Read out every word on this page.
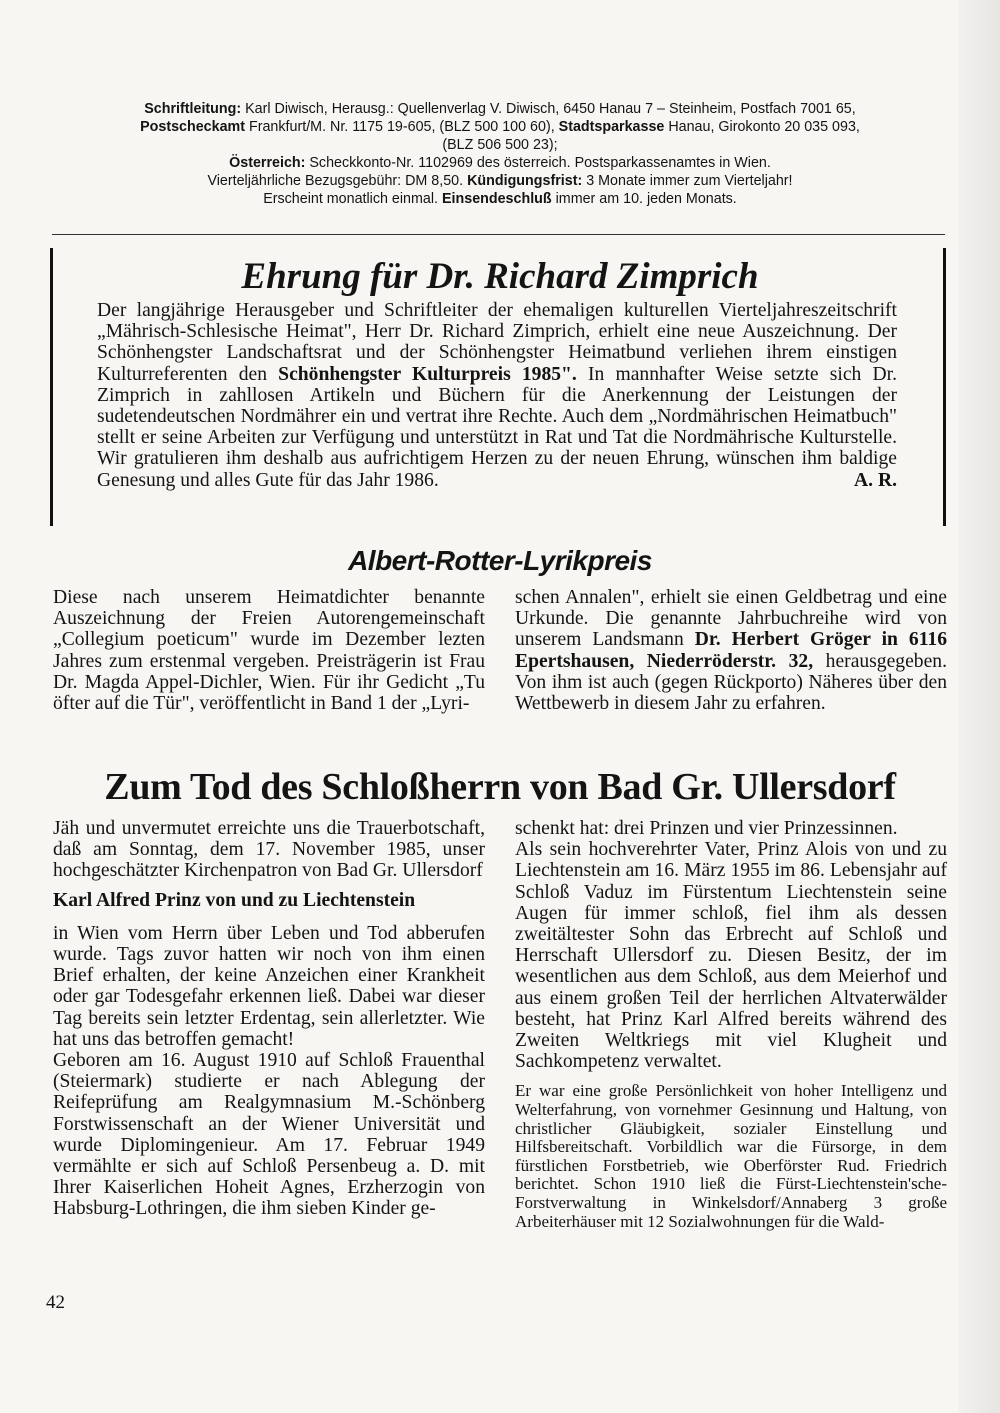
Schriftleitung: Karl Diwisch, Herausg.: Quellenverlag V. Diwisch, 6450 Hanau 7 – Steinheim, Postfach 7001 65,
Postscheckamt Frankfurt/M. Nr. 1175 19-605, (BLZ 500 100 60), Stadtsparkasse Hanau, Girokonto 20 035 093,
(BLZ 506 500 23);
Österreich: Scheckkonto-Nr. 1102969 des österreich. Postsparkassenamtes in Wien.
Vierteljährliche Bezugsgebühr: DM 8,50. Kündigungsfrist: 3 Monate immer zum Vierteljahr!
Erscheint monatlich einmal. Einsendeschluß immer am 10. jeden Monats.
Ehrung für Dr. Richard Zimprich

Der langjährige Herausgeber und Schriftleiter der ehemaligen kulturellen Vierteljahreszeitschrift „Mährisch-Schlesische Heimat", Herr Dr. Richard Zimprich, erhielt eine neue Auszeichnung. Der Schönhengster Landschaftsrat und der Schönhengster Heimatbund verliehen ihrem einstigen Kulturreferenten den Schönhengster Kulturpreis 1985". In mannhafter Weise setzte sich Dr. Zimprich in zahllosen Artikeln und Büchern für die Anerkennung der Leistungen der sudetendeutschen Nordmährer ein und vertrat ihre Rechte. Auch dem „Nordmährischen Heimatbuch" stellt er seine Arbeiten zur Verfügung und unterstützt in Rat und Tat die Nordmährische Kulturstelle. Wir gratulieren ihm deshalb aus aufrichtigem Herzen zu der neuen Ehrung, wünschen ihm baldige Genesung und alles Gute für das Jahr 1986.	A. R.

Albert-Rotter-Lyrikpreis

Diese nach unserem Heimatdichter benannte Auszeichnung der Freien Autorengemeinschaft „Collegium poeticum" wurde im Dezember lezten Jahres zum erstenmal vergeben. Preisträgerin ist Frau Dr. Magda Appel-Dichler, Wien. Für ihr Gedicht „Tu öfter auf die Tür", veröffentlicht in Band 1 der „Lyri-

schen Annalen", erhielt sie einen Geldbetrag und eine Urkunde. Die genannte Jahrbuchreihe wird von unserem Landsmann Dr. Herbert Gröger in 6116 Epertshausen, Niederröderstr. 32, herausgegeben. Von ihm ist auch (gegen Rückporto) Näheres über den Wettbewerb in diesem Jahr zu erfahren.

Zum Tod des Schloßherrn von Bad Gr. Ullersdorf

Jäh und unvermutet erreichte uns die Trauerbotschaft, daß am Sonntag, dem 17. November 1985, unser hochgeschätzter Kirchenpatron von Bad Gr. Ullersdorf

Karl Alfred Prinz von und zu Liechtenstein

in Wien vom Herrn über Leben und Tod abberufen wurde. Tags zuvor hatten wir noch von ihm einen Brief erhalten, der keine Anzeichen einer Krankheit oder gar Todesgefahr erkennen ließ. Dabei war dieser Tag bereits sein letzter Erdentag, sein allerletzter. Wie hat uns das betroffen gemacht!

Geboren am 16. August 1910 auf Schloß Frauenthal (Steiermark) studierte er nach Ablegung der Reifeprüfung am Realgymnasium M.-Schönberg Forstwissenschaft an der Wiener Universität und wurde Diplomingenieur. Am 17. Februar 1949 vermählte er sich auf Schloß Persenbeug a. D. mit Ihrer Kaiserlichen Hoheit Agnes, Erzherzogin von Habsburg-Lothringen, die ihm sieben Kinder ge-

schenkt hat: drei Prinzen und vier Prinzessinnen.

Als sein hochverehrter Vater, Prinz Alois von und zu Liechtenstein am 16. März 1955 im 86. Lebensjahr auf Schloß Vaduz im Fürstentum Liechtenstein seine Augen für immer schloß, fiel ihm als dessen zweitältester Sohn das Erbrecht auf Schloß und Herrschaft Ullersdorf zu. Diesen Besitz, der im wesentlichen aus dem Schloß, aus dem Meierhof und aus einem großen Teil der herrlichen Altvaterwälder besteht, hat Prinz Karl Alfred bereits während des Zweiten Weltkriegs mit viel Klugheit und Sachkompetenz verwaltet.

Er war eine große Persönlichkeit von hoher Intelligenz und Welterfahrung, von vornehmer Gesinnung und Haltung, von christlicher Gläubigkeit, sozialer Einstellung und Hilfsbereitschaft. Vorbildlich war die Fürsorge, in dem fürstlichen Forstbetrieb, wie Oberförster Rud. Friedrich berichtet. Schon 1910 ließ die Fürst-Liechtenstein'sche-Forstverwaltung in Winkelsdorf/Annaberg 3 große Arbeiterhäuser mit 12 Sozialwohnungen für die Wald-

42
